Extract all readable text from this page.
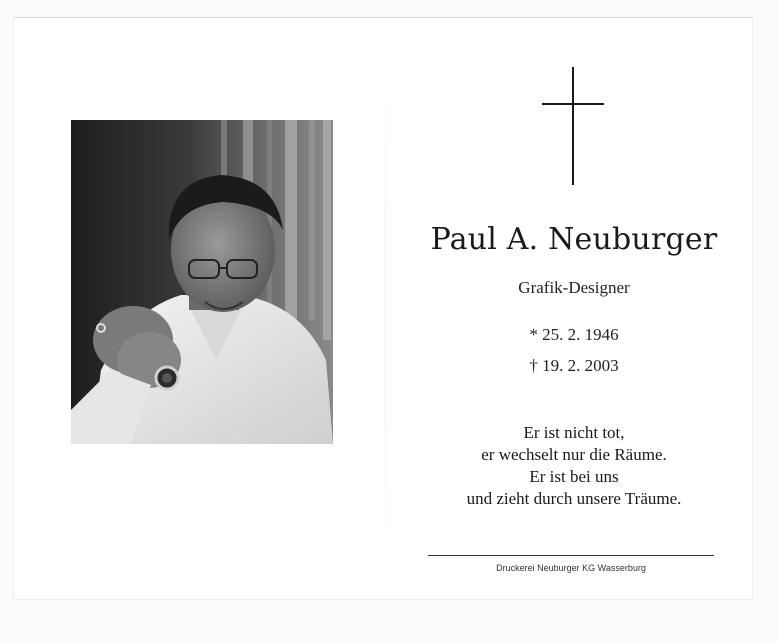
Paul A. Neuburger
Grafik-Designer
* 25. 2. 1946
† 19. 2. 2003
Er ist nicht tot,
er wechselt nur die Räume.
Er ist bei uns
und zieht durch unsere Träume.
Druckerei Neuburger KG Wasserburg
